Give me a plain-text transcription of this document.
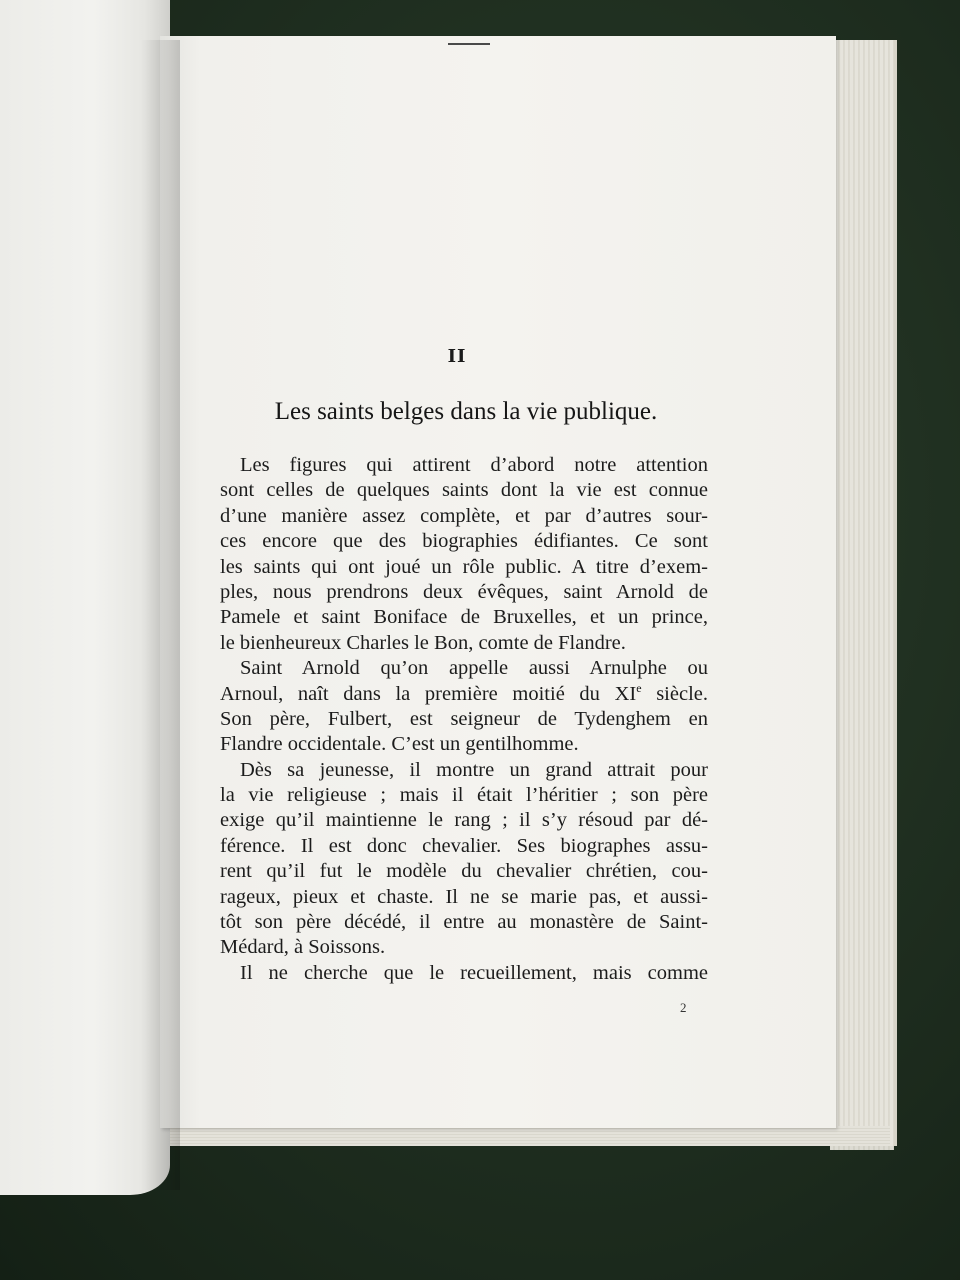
II
Les saints belges dans la vie publique.
Les figures qui attirent d’abord notre attention
sont celles de quelques saints dont la vie est connue
d’une manière assez complète, et par d’autres sour-
ces encore que des biographies édifiantes. Ce sont
les saints qui ont joué un rôle public. A titre d’exem-
ples, nous prendrons deux évêques, saint Arnold de
Pamele et saint Boniface de Bruxelles, et un prince,
le bienheureux Charles le Bon, comte de Flandre.
Saint Arnold qu’on appelle aussi Arnulphe ou
Arnoul, naît dans la première moitié du XIe siècle.
Son père, Fulbert, est seigneur de Tydenghem en
Flandre occidentale. C’est un gentilhomme.
Dès sa jeunesse, il montre un grand attrait pour
la vie religieuse ; mais il était l’héritier ; son père
exige qu’il maintienne le rang ; il s’y résoud par dé-
férence. Il est donc chevalier. Ses biographes assu-
rent qu’il fut le modèle du chevalier chrétien, cou-
rageux, pieux et chaste. Il ne se marie pas, et aussi-
tôt son père décédé, il entre au monastère de Saint-
Médard, à Soissons.
Il ne cherche que le recueillement, mais comme
2
